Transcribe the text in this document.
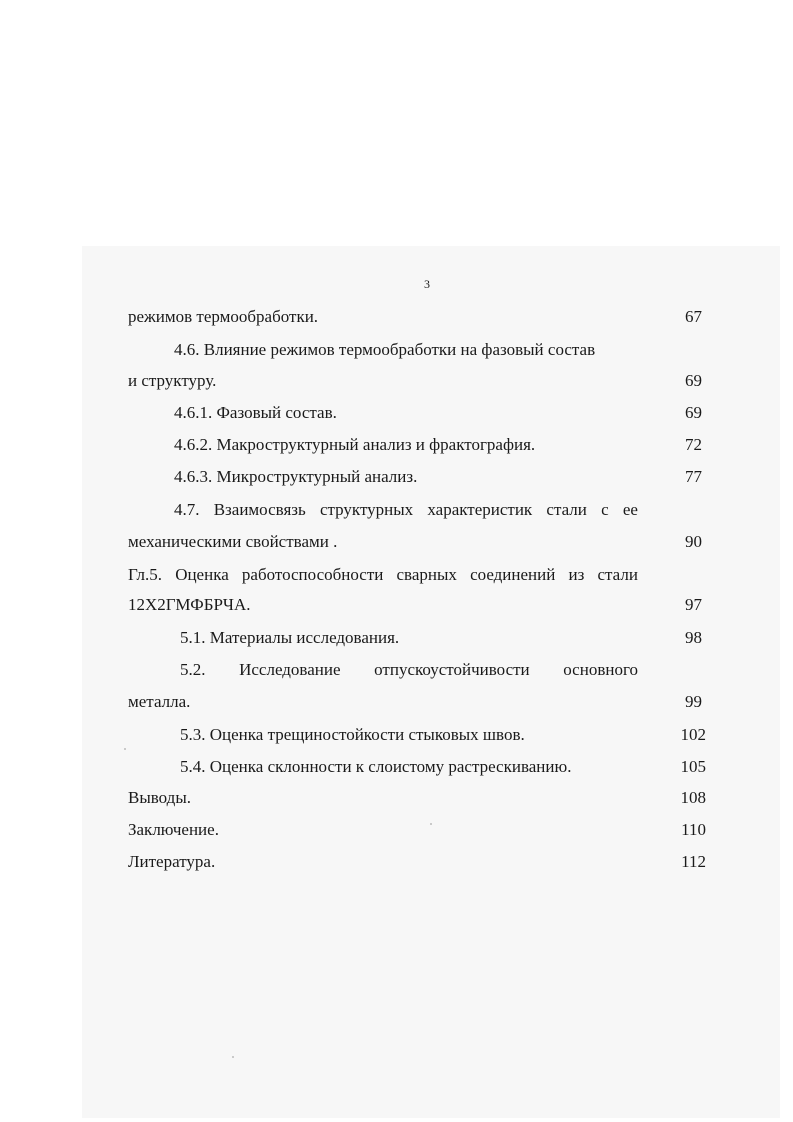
3
режимов термообработки.	67
4.6. Влияние режимов термообработки на фазовый состав
и структуру.	69
4.6.1. Фазовый состав.	69
4.6.2. Макроструктурный анализ и фрактография.	72
4.6.3. Микроструктурный анализ.	77
4.7. Взаимосвязь структурных характеристик стали с ее
механическими свойствами .	90
Гл.5. Оценка работоспособности сварных соединений из стали
12Х2ГМФБРЧА.	97
5.1. Материалы исследования.	98
5.2. Исследование отпускоустойчивости основного
металла.	99
5.3. Оценка трещиностойкости стыковых швов.	102
5.4. Оценка склонности к слоистому растрескиванию.	105
Выводы.	108
Заключение.	110
Литература.	112
